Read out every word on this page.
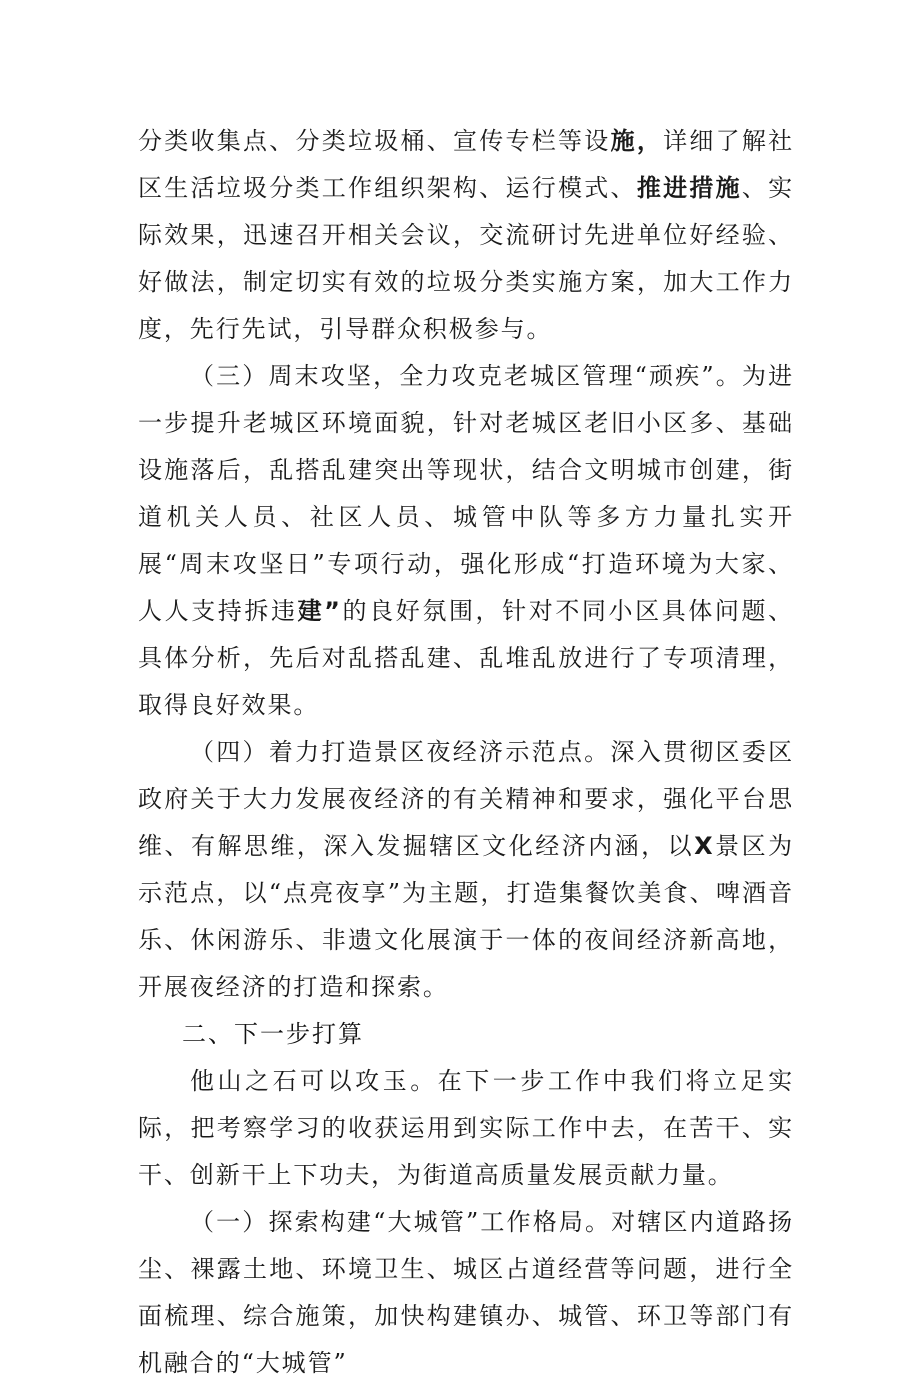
分类收集点、分类垃圾桶、宣传专栏等设施，详细了解社区生活垃圾分类工作组织架构、运行模式、推进措施、实际效果，迅速召开相关会议，交流研讨先进单位好经验、好做法，制定切实有效的垃圾分类实施方案，加大工作力度，先行先试，引导群众积极参与。

（三）周末攻坚，全力攻克老城区管理“顽疾”。为进一步提升老城区环境面貌，针对老城区老旧小区多、基础设施落后，乱搭乱建突出等现状，结合文明城市创建，街道机关人员、社区人员、城管中队等多方力量扎实开展“周末攻坚日”专项行动，强化形成“打造环境为大家、人人支持拆违建”的良好氛围，针对不同小区具体问题、具体分析，先后对乱搭乱建、乱堆乱放进行了专项清理，取得良好效果。

（四）着力打造景区夜经济示范点。深入贯彻区委区政府关于大力发展夜经济的有关精神和要求，强化平台思维、有解思维，深入发掘辖区文化经济内涵，以X景区为示范点，以“点亮夜享”为主题，打造集餐饮美食、啤酒音乐、休闲游乐、非遗文化展演于一体的夜间经济新高地，开展夜经济的打造和探索。

二、下一步打算

他山之石可以攻玉。在下一步工作中我们将立足实际，把考察学习的收获运用到实际工作中去，在苦干、实干、创新干上下功夫，为街道高质量发展贡献力量。

（一）探索构建“大城管”工作格局。对辖区内道路扬尘、裸露土地、环境卫生、城区占道经营等问题，进行全面梳理、综合施策，加快构建镇办、城管、环卫等部门有机融合的“大城管”
